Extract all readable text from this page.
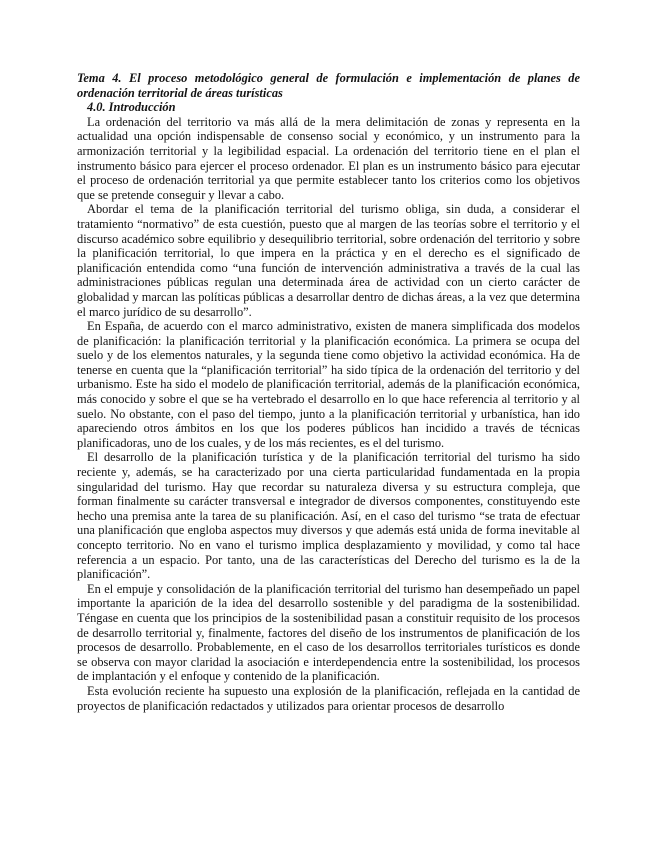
Tema 4. El proceso metodológico general de formulación e implementación de planes de ordenación territorial de áreas turísticas

4.0. Introducción

La ordenación del territorio va más allá de la mera delimitación de zonas y representa en la actualidad una opción indispensable de consenso social y económico, y un instrumento para la armonización territorial y la legibilidad espacial. La ordenación del territorio tiene en el plan el instrumento básico para ejercer el proceso ordenador. El plan es un instrumento básico para ejecutar el proceso de ordenación territorial ya que permite establecer tanto los criterios como los objetivos que se pretende conseguir y llevar a cabo.

Abordar el tema de la planificación territorial del turismo obliga, sin duda, a considerar el tratamiento “normativo” de esta cuestión, puesto que al margen de las teorías sobre el territorio y el discurso académico sobre equilibrio y desequilibrio territorial, sobre ordenación del territorio y sobre la planificación territorial, lo que impera en la práctica y en el derecho es el significado de planificación entendida como “una función de intervención administrativa a través de la cual las administraciones públicas regulan una determinada área de actividad con un cierto carácter de globalidad y marcan las políticas públicas a desarrollar dentro de dichas áreas, a la vez que determina el marco jurídico de su desarrollo”.

En España, de acuerdo con el marco administrativo, existen de manera simplificada dos modelos de planificación: la planificación territorial y la planificación económica. La primera se ocupa del suelo y de los elementos naturales, y la segunda tiene como objetivo la actividad económica. Ha de tenerse en cuenta que la “planificación territorial” ha sido típica de la ordenación del territorio y del urbanismo. Este ha sido el modelo de planificación territorial, además de la planificación económica, más conocido y sobre el que se ha vertebrado el desarrollo en lo que hace referencia al territorio y al suelo. No obstante, con el paso del tiempo, junto a la planificación territorial y urbanística, han ido apareciendo otros ámbitos en los que los poderes públicos han incidido a través de técnicas planificadoras, uno de los cuales, y de los más recientes, es el del turismo.

El desarrollo de la planificación turística y de la planificación territorial del turismo ha sido reciente y, además, se ha caracterizado por una cierta particularidad fundamentada en la propia singularidad del turismo. Hay que recordar su naturaleza diversa y su estructura compleja, que forman finalmente su carácter transversal e integrador de diversos componentes, constituyendo este hecho una premisa ante la tarea de su planificación. Así, en el caso del turismo “se trata de efectuar una planificación que engloba aspectos muy diversos y que además está unida de forma inevitable al concepto territorio. No en vano el turismo implica desplazamiento y movilidad, y como tal hace referencia a un espacio. Por tanto, una de las características del Derecho del turismo es la de la planificación”.

En el empuje y consolidación de la planificación territorial del turismo han desempeñado un papel importante la aparición de la idea del desarrollo sostenible y del paradigma de la sostenibilidad. Téngase en cuenta que los principios de la sostenibilidad pasan a constituir requisito de los procesos de desarrollo territorial y, finalmente, factores del diseño de los instrumentos de planificación de los procesos de desarrollo. Probablemente, en el caso de los desarrollos territoriales turísticos es donde se observa con mayor claridad la asociación e interdependencia entre la sostenibilidad, los procesos de implantación y el enfoque y contenido de la planificación.

Esta evolución reciente ha supuesto una explosión de la planificación, reflejada en la cantidad de proyectos de planificación redactados y utilizados para orientar procesos de desarrollo
